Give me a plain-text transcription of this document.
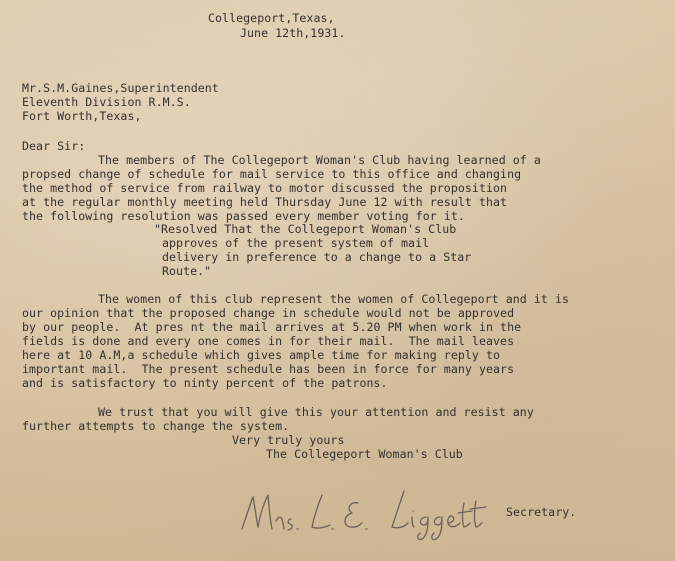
Collegeport,Texas,
June 12th,1931.
Mr.S.M.Gaines,Superintendent
Eleventh Division R.M.S.
Fort Worth,Texas,
Dear Sir:
The members of The Collegeport Woman's Club having learned of a
propsed change of schedule for mail service to this office and changing
the method of service from railway to motor discussed the proposition
at the regular monthly meeting held Thursday June 12 with result that
the following resolution was passed every member voting for it.
"Resolved That the Collegeport Woman's Club
approves of the present system of mail
delivery in preference to a change to a Star
Route."
The women of this club represent the women of Collegeport and it is
our opinion that the proposed change in schedule would not be approved
by our people.  At pres nt the mail arrives at 5.20 PM when work in the
fields is done and every one comes in for their mail.  The mail leaves
here at 10 A.M,a schedule which gives ample time for making reply to
important mail.  The present schedule has been in force for many years
and is satisfactory to ninty percent of the patrons.
We trust that you will give this your attention and resist any
further attempts to change the system.
Very truly yours
The Collegeport Woman's Club
Secretary.
